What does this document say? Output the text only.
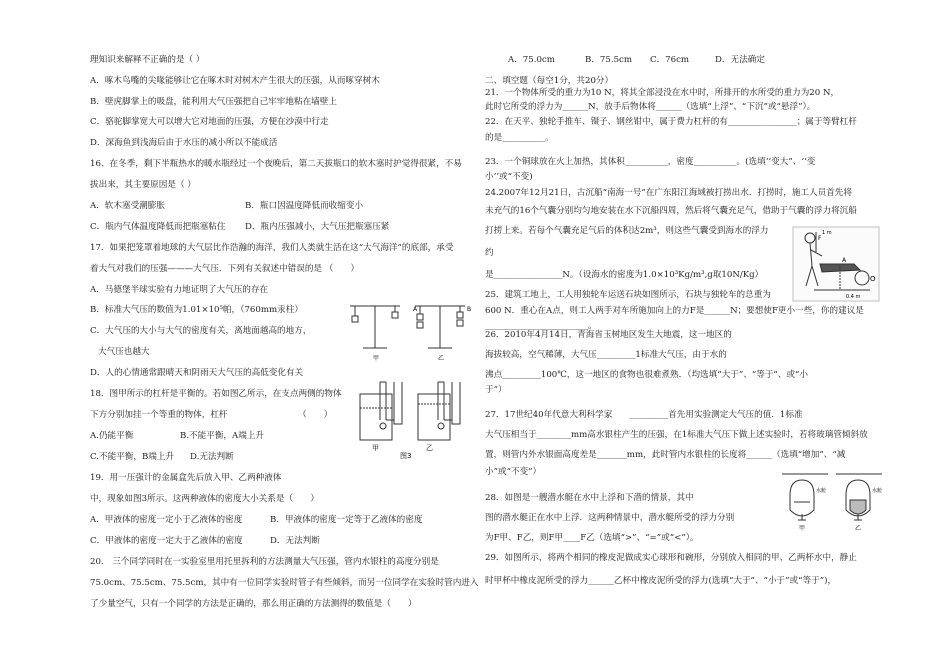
理知识来解释不正确的是（ ）
A．啄木鸟嘴的尖喙能够让它在啄木时对树木产生很大的压强，从而啄穿树木
B．壁虎脚掌上的吸盘，能利用大气压强把自己牢牢地粘在墙壁上
C．骆驼脚掌宽大可以增大它对地面的压强，方便在沙漠中行走
D．深海鱼到浅海后由于水压的减小所以不能成活
16、在冬季，剩下半瓶热水的暖水瓶经过一个夜晚后，第二天拔瓶口的软木塞时护觉得很紧，不易
拔出来，其主要原因是（ ）
A．软木塞受潮膨胀	B．瓶口因温度降低而收缩变小
C．瓶内气体温度降低而把瓶塞粘住 D．瓶内压强减小，大气压把瓶塞压紧
17．如果把笼罩着地球的大气层比作浩瀚的海洋，我们人类就生活在这“大气海洋”的底部，承受
着大气对我们的压强———大气压．下列有关叙述中错误的是 （　　）
A．马德堡半球实验有力地证明了大气压的存在
B．标准大气压的数值为1.01×10⁵帕，（760mm汞柱）
C．大气压的大小与大气的密度有关，离地面越高的地方，
大气压也越大
D．人的心情通常跟晴天和阴雨天大气压的高低变化有关
18．图甲所示的杠杆是平衡的。若如图乙所示，在支点两侧的物体
下方分别加挂一个等重的物体，杠杆	（　　）
A.仍能平衡	B.不能平衡，A端上升
C.不能平衡，B端上升 D.无法判断
19．用一压强计的金属盒先后放入甲、乙两种液体
中，现象如图3所示。这两种液体的密度大小关系是（　　）
A．甲液体的密度一定小于乙液体的密度	B．甲液体的密度一定等于乙液体的密度
C．甲液体的密度一定大于乙液体的密度	D．无法判断
20.　三个同学同时在一实验室里用托里拆利的方法测量大气压强，管内水银柱的高度分别是
75.0cm、75.5cm、75.5cm，其中有一位同学实验时管子有些倾斜，而另一位同学在实验时管内进入
了少量空气，只有一个同学的方法是正确的，那么用正确的方法测得的数值是（　　）
A	B
甲	乙
甲	乙
图3
A．75.0cm	B．75.5cm C．76cm	D．无法确定
二、填空题（每空1分，共20分）
21．一个物体所受的重力为10 N，将其全部浸没在水中时，所排开的水所受的重力为20 N，
此时它所受的浮力为______N，放手后物体将______（选填“上浮”、“下沉”或“悬浮”）。
22．在天平、独轮手推车、镊子、钢丝钳中，属于费力杠杆的有________________；属于等臂杠杆
的是__________。
23．一个铜球放在火上加热，其体积__________，密度__________。(选填‘‘变大”、‘‘变
小’’或“不变)
24.2007年12月21日，古沉船“南海一号”在广东阳江海域被打捞出水．打捞时，施工人员首先将
未充气的16个气囊分别均匀地安装在水下沉船四周，然后将气囊充足气，借助于气囊的浮力将沉船
打捞上来。若每个气囊充足气后的体积达2m³，则这些气囊受到海水的浮力
约
是________________N。（设海水的密度为1.0×10³Kg/m³,g取10N/Kg）
25．建筑工地上，工人用独轮车运送石块如图所示，石块与独轮车的总重为
600 N．重心在A点，则工人两手对车所施加向上的力F是______N；要想使F更小一些，你的建议是
________________________。
26．2010年4月14日，青海省玉树地区发生大地震，这一地区的
海拔较高，空气稀薄，大气压_________1标准大气压，由于水的
沸点_________100℃，这一地区的食物也很难煮熟．（均选填“大于”、“等于”、或“小
于”）
27．17世纪40年代意大利科学家　　_________首先用实验测定大气压的值．1标准
大气压相当于________mm高水银柱产生的压强，在1标准大气压下做上述实验时，若将玻璃管倾斜放
置，则管内外水银面高度差是_______mm，此时管内水银柱的长度将______（选填“增加”、“减
小”或“不变”）
28．如图是一艘潜水艇在水中上浮和下潜的情景，其中
图的潜水艇正在水中上浮．这两种情景中，潜水艇所受的浮力分别
为F甲、F乙，则F甲____F乙（选填“>”、“=”或“<”）。
29．如图所示，将两个相同的橡皮泥做成实心球形和碗形，分别放入相同的甲、乙两杯水中，静止
时甲杯中橡皮泥所受的浮力______乙杯中橡皮泥所受的浮力(选填“大于”、“小于”或“等于”)，
F
A
O
1 m
0.4 m
水舱	水舱
甲	乙
